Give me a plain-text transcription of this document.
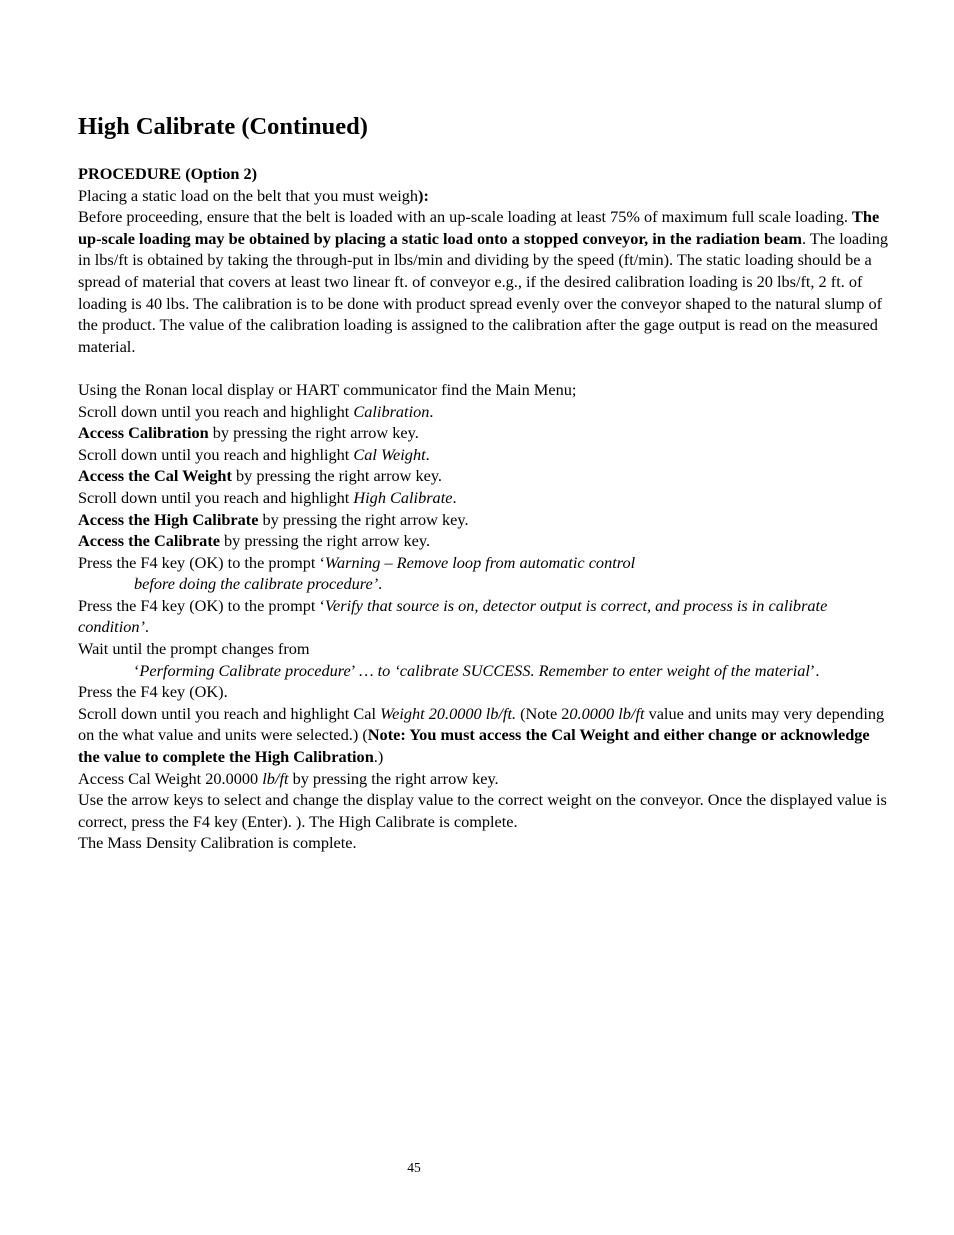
High Calibrate (Continued)

PROCEDURE (Option 2)

Placing a static load on the belt that you must weigh):

Before proceeding, ensure that the belt is loaded with an up-scale loading at least 75% of maximum full scale loading. The up-scale loading may be obtained by placing a static load onto a stopped conveyor, in the radiation beam. The loading in lbs/ft is obtained by taking the through-put in lbs/min and dividing by the speed (ft/min). The static loading should be a spread of material that covers at least two linear ft. of conveyor e.g., if the desired calibration loading is 20 lbs/ft, 2 ft. of loading is 40 lbs. The calibration is to be done with product spread evenly over the conveyor shaped to the natural slump of the product. The value of the calibration loading is assigned to the calibration after the gage output is read on the measured material.

Using the Ronan local display or HART communicator find the Main Menu;

Scroll down until you reach and highlight Calibration.

Access Calibration by pressing the right arrow key.

Scroll down until you reach and highlight Cal Weight.

Access the Cal Weight by pressing the right arrow key.

Scroll down until you reach and highlight High Calibrate.

Access the High Calibrate by pressing the right arrow key.

Access the Calibrate by pressing the right arrow key.

Press the F4 key (OK) to the prompt ‘Warning – Remove loop from automatic control

before doing the calibrate procedure’.

Press the F4 key (OK) to the prompt ‘Verify that source is on, detector output is correct, and process is in calibrate condition’.

Wait until the prompt changes from

‘Performing Calibrate procedure’ … to ‘calibrate SUCCESS. Remember to enter weight of the material’.

Press the F4 key (OK).

Scroll down until you reach and highlight Cal Weight 20.0000 lb/ft. (Note 20.0000 lb/ft value and units may very depending on the what value and units were selected.) (Note: You must access the Cal Weight and either change or acknowledge the value to complete the High Calibration.)

Access Cal Weight 20.0000 lb/ft by pressing the right arrow key.

Use the arrow keys to select and change the display value to the correct weight on the conveyor. Once the displayed value is correct, press the F4 key (Enter). ). The High Calibrate is complete.

The Mass Density Calibration is complete.

45
